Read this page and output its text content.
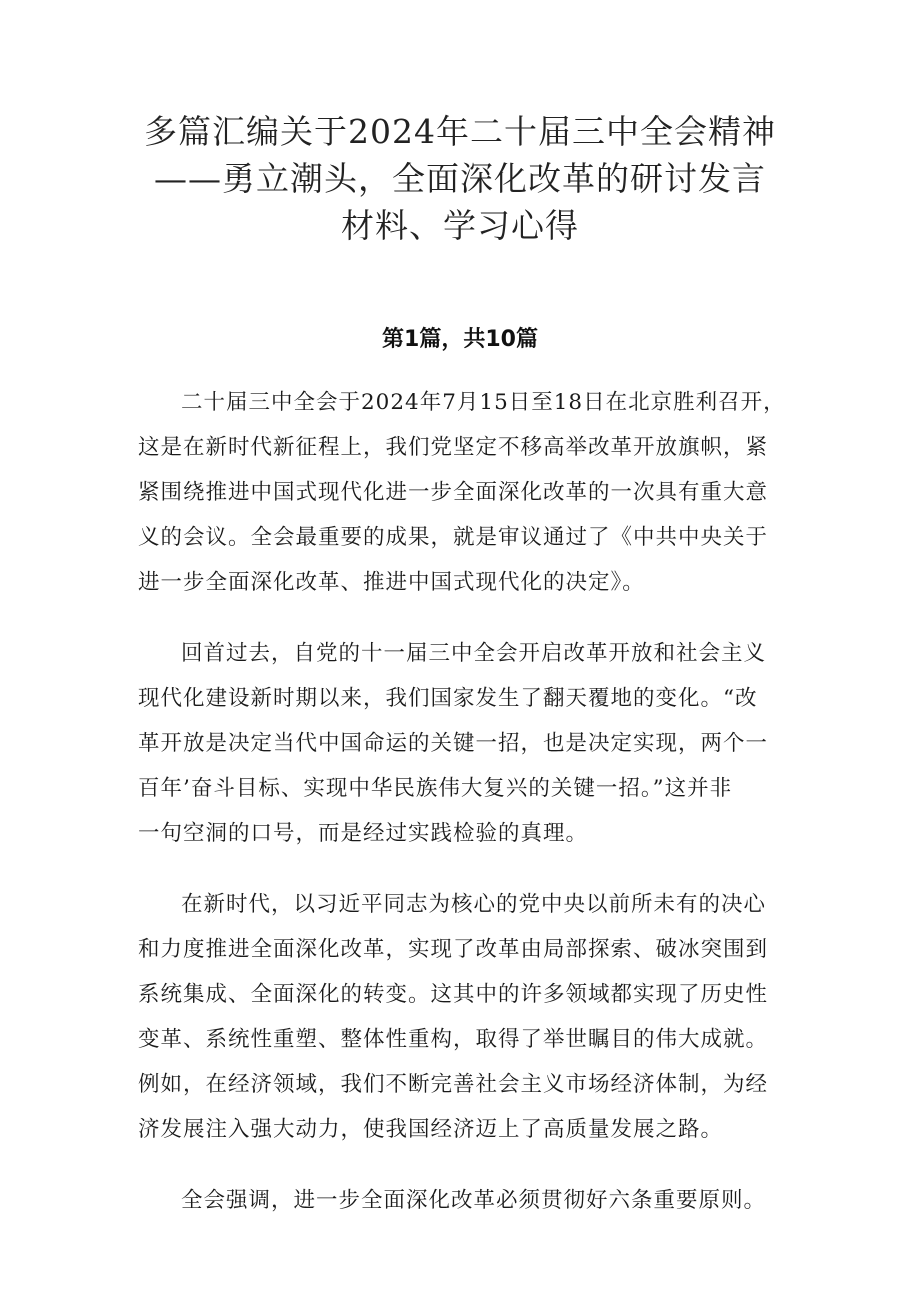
多篇汇编关于2024年二十届三中全会精神
——勇立潮头，全面深化改革的研讨发言
材料、学习心得
第1篇，共10篇

二十届三中全会于2024年7月15日至18日在北京胜利召开，
这是在新时代新征程上，我们党坚定不移高举改革开放旗帜，紧
紧围绕推进中国式现代化进一步全面深化改革的一次具有重大意
义的会议。全会最重要的成果，就是审议通过了《中共中央关于
进一步全面深化改革、推进中国式现代化的决定》。

回首过去，自党的十一届三中全会开启改革开放和社会主义
现代化建设新时期以来，我们国家发生了翻天覆地的变化。“改
革开放是决定当代中国命运的关键一招，也是决定实现，两个一
百年’奋斗目标、实现中华民族伟大复兴的关键一招。”这并非
一句空洞的口号，而是经过实践检验的真理。

在新时代，以习近平同志为核心的党中央以前所未有的决心
和力度推进全面深化改革，实现了改革由局部探索、破冰突围到
系统集成、全面深化的转变。这其中的许多领域都实现了历史性
变革、系统性重塑、整体性重构，取得了举世瞩目的伟大成就。
例如，在经济领域，我们不断完善社会主义市场经济体制，为经
济发展注入强大动力，使我国经济迈上了高质量发展之路。

全会强调，进一步全面深化改革必须贯彻好六条重要原则。
